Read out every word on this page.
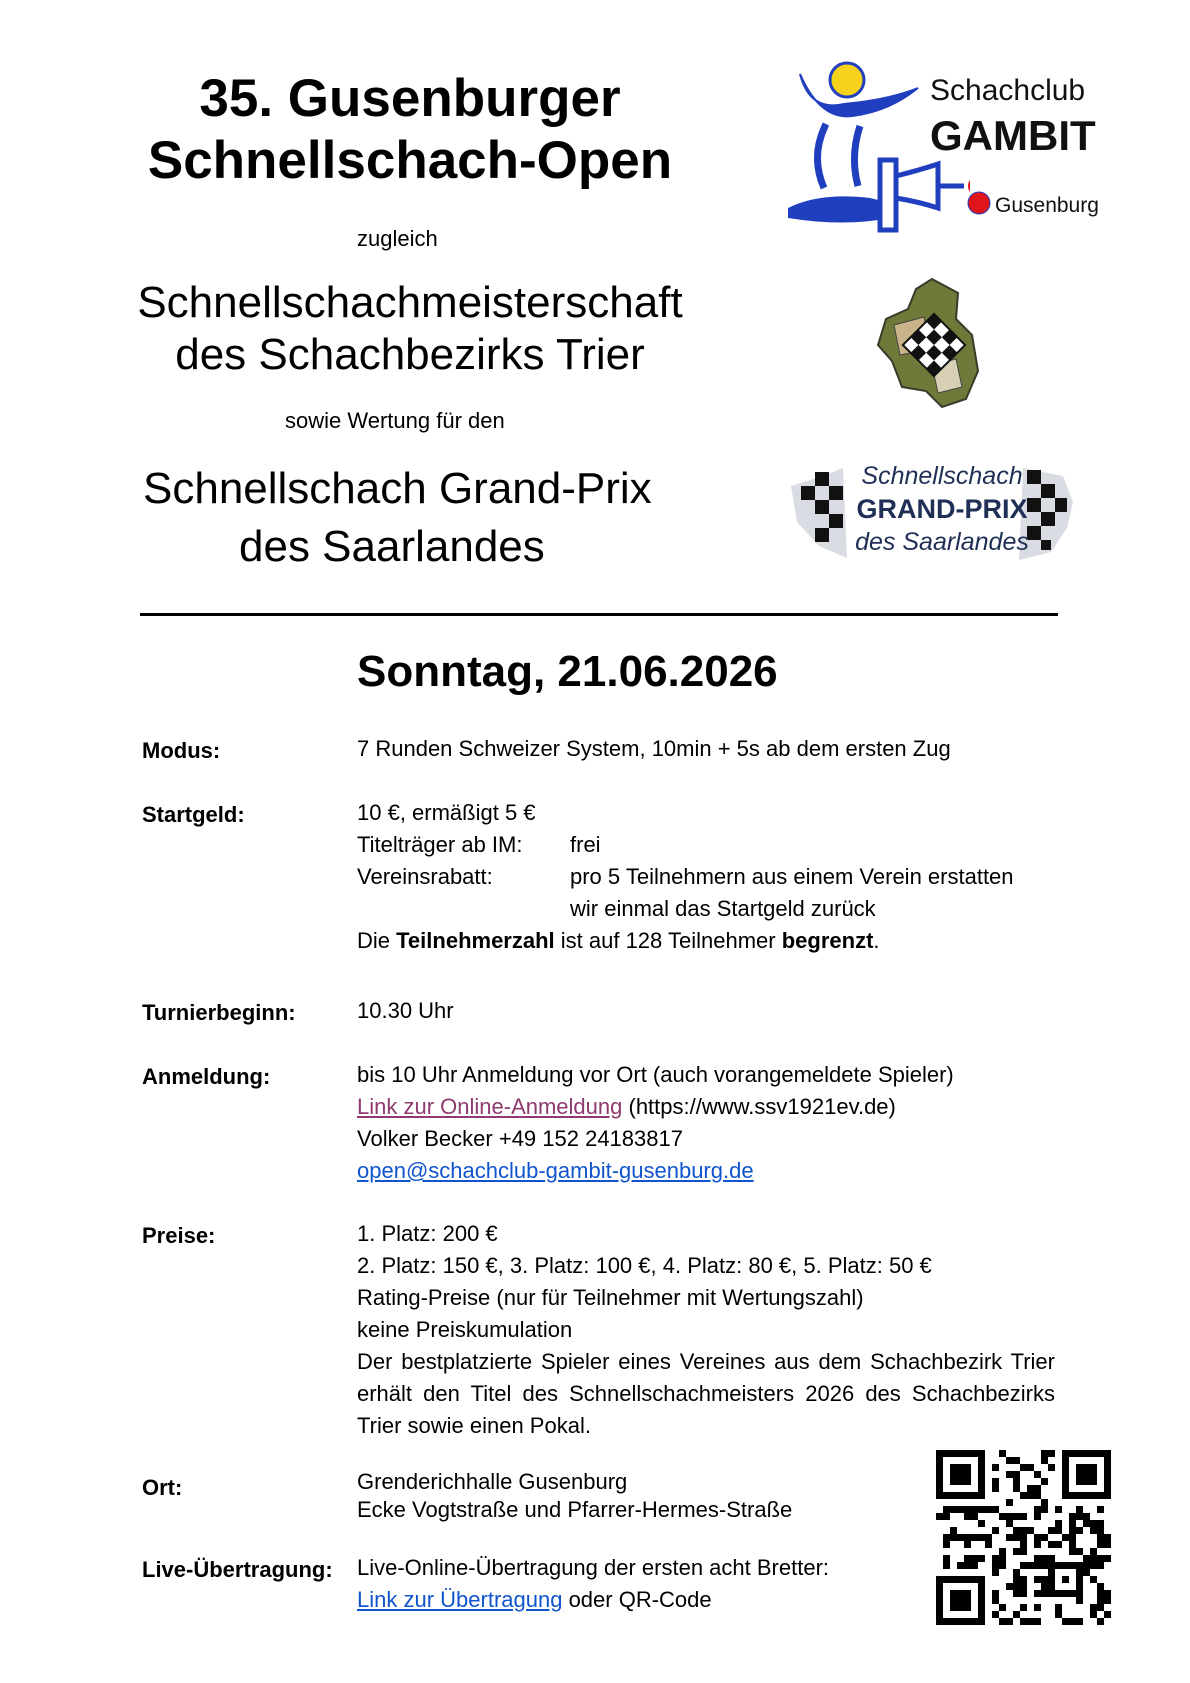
35. Gusenburger
Schnellschach-Open
zugleich
Schnellschachmeisterschaft
des Schachbezirks Trier
sowie Wertung für den
Schnellschach Grand-Prix
des Saarlandes
Schachclub
GAMBIT
Gusenburg
Schnellschach
GRAND-PRIX
des Saarlandes
Sonntag, 21.06.2026
Modus:	7 Runden Schweizer System, 10min + 5s ab dem ersten Zug
Startgeld:	10 €, ermäßigt 5 €

Titelträger ab IM: frei

Vereinsrabatt:	pro 5 Teilnehmern aus einem Verein erstatten

wir einmal das Startgeld zurück

Die Teilnehmerzahl ist auf 128 Teilnehmer begrenzt.

Turnierbeginn:	10.30 Uhr
Anmeldung:	bis 10 Uhr Anmeldung vor Ort (auch vorangemeldete Spieler)

Link zur Online-Anmeldung (https://www.ssv1921ev.de)

Volker Becker +49 152 24183817

open@schachclub-gambit-gusenburg.de

Preise:	1. Platz: 200 €

2. Platz: 150 €, 3. Platz: 100 €, 4. Platz: 80 €, 5. Platz: 50 €

Rating-Preise (nur für Teilnehmer mit Wertungszahl)

keine Preiskumulation

Der bestplatzierte Spieler eines Vereines aus dem Schachbezirk Trier erhält den Titel des Schnellschachmeisters 2026 des Schachbezirks Trier sowie einen Pokal.

Ort:	Grenderichhalle Gusenburg

Ecke Vogtstraße und Pfarrer-Hermes-Straße

Live-Übertragung: Live-Online-Übertragung der ersten acht Bretter:

Link zur Übertragung oder QR-Code
